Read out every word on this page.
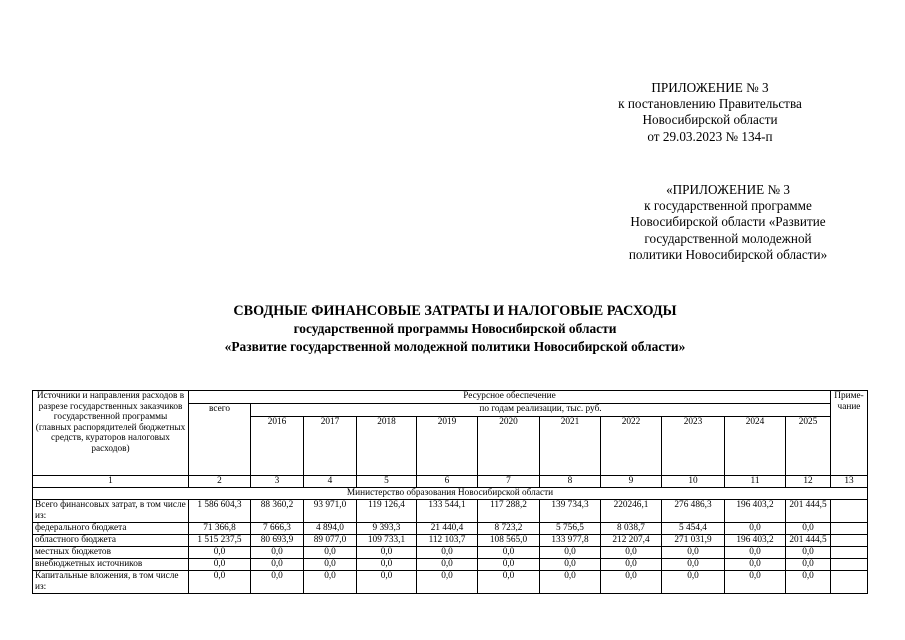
ПРИЛОЖЕНИЕ № 3
к постановлению Правительства
Новосибирской области
от 29.03.2023 № 134-п
«ПРИЛОЖЕНИЕ № 3
к государственной программе
Новосибирской области «Развитие
государственной молодежной
политики Новосибирской области»
СВОДНЫЕ ФИНАНСОВЫЕ ЗАТРАТЫ И НАЛОГОВЫЕ РАСХОДЫ
государственной программы Новосибирской области
«Развитие государственной молодежной политики Новосибирской области»
Источники и направления расходов в разрезе государственных заказчиков государственной программы (главных распорядителей бюджетных средств, кураторов налоговых расходов)	Ресурсное обеспечение											Приме-чание
	всего	по годам реализации, тыс. руб.										
		2016	2017	2018	2019	2020	2021	2022	2023	2024	2025	
1	2	3	4	5	6	7	8	9	10	11	12	13
Министерство образования Новосибирской области												
Всего финансовых затрат, в том числе из:	1 586 604,3	88 360,2	93 971,0	119 126,4	133 544,1	117 288,2	139 734,3	220246,1	276 486,3	196 403,2	201 444,5	
федерального бюджета	71 366,8	7 666,3	4 894,0	9 393,3	21 440,4	8 723,2	5 756,5	8 038,7	5 454,4	0,0	0,0	
областного бюджета	1 515 237,5	80 693,9	89 077,0	109 733,1	112 103,7	108 565,0	133 977,8	212 207,4	271 031,9	196 403,2	201 444,5	
местных бюджетов	0,0	0,0	0,0	0,0	0,0	0,0	0,0	0,0	0,0	0,0	0,0	
внебюджетных источников	0,0	0,0	0,0	0,0	0,0	0,0	0,0	0,0	0,0	0,0	0,0	
Капитальные вложения, в том числе из:	0,0	0,0	0,0	0,0	0,0	0,0	0,0	0,0	0,0	0,0	0,0	
